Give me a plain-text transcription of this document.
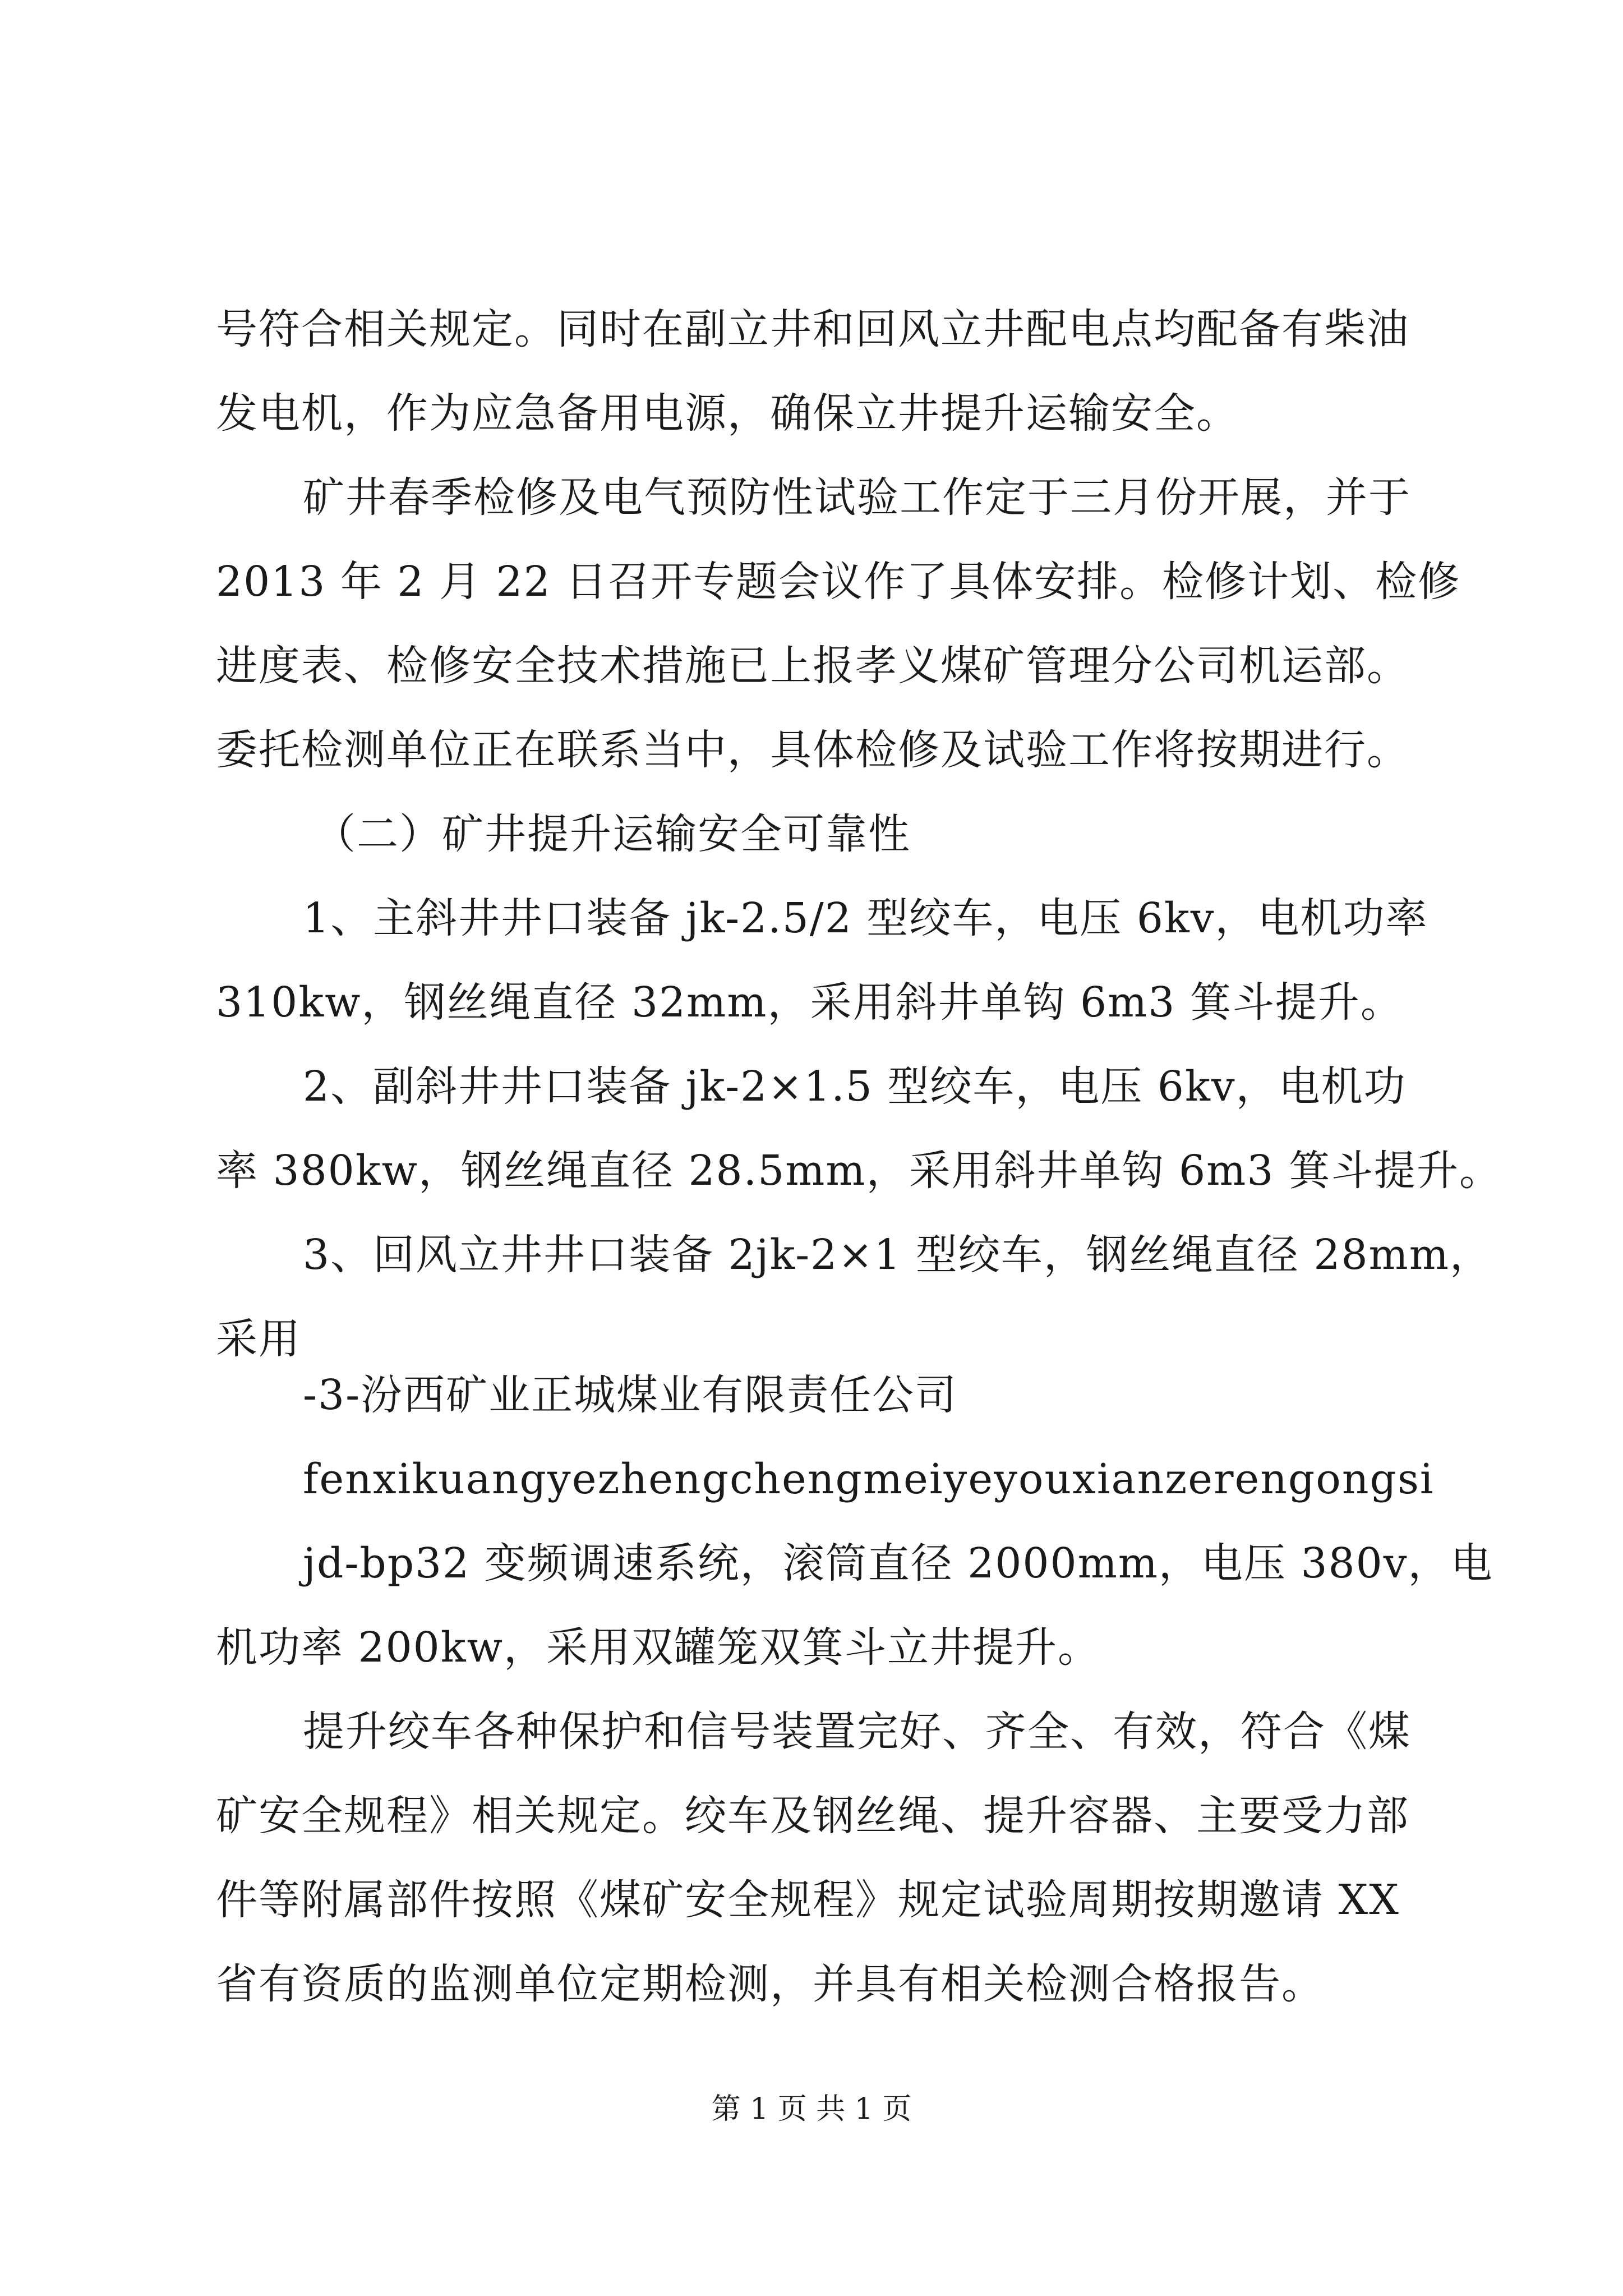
号符合相关规定。同时在副立井和回风立井配电点均配备有柴油
发电机，作为应急备用电源，确保立井提升运输安全。
矿井春季检修及电气预防性试验工作定于三月份开展，并于
2013 年 2 月 22 日召开专题会议作了具体安排。检修计划、检修
进度表、检修安全技术措施已上报孝义煤矿管理分公司机运部。
委托检测单位正在联系当中，具体检修及试验工作将按期进行。
（二）矿井提升运输安全可靠性
1、主斜井井口装备 jk-2.5/2 型绞车，电压 6kv，电机功率
310kw，钢丝绳直径 32mm，采用斜井单钩 6m3 箕斗提升。
2、副斜井井口装备 jk-2×1.5 型绞车，电压 6kv，电机功
率 380kw，钢丝绳直径 28.5mm，采用斜井单钩 6m3 箕斗提升。
3、回风立井井口装备 2jk-2×1 型绞车，钢丝绳直径 28mm，
采用
-3-汾西矿业正城煤业有限责任公司
fenxikuangyezhengchengmeiyeyouxianzerengongsi
jd-bp32 变频调速系统，滚筒直径 2000mm，电压 380v，电
机功率 200kw，采用双罐笼双箕斗立井提升。
提升绞车各种保护和信号装置完好、齐全、有效，符合《煤
矿安全规程》相关规定。绞车及钢丝绳、提升容器、主要受力部
件等附属部件按照《煤矿安全规程》规定试验周期按期邀请 XX
省有资质的监测单位定期检测，并具有相关检测合格报告。
第 1 页 共 1 页
